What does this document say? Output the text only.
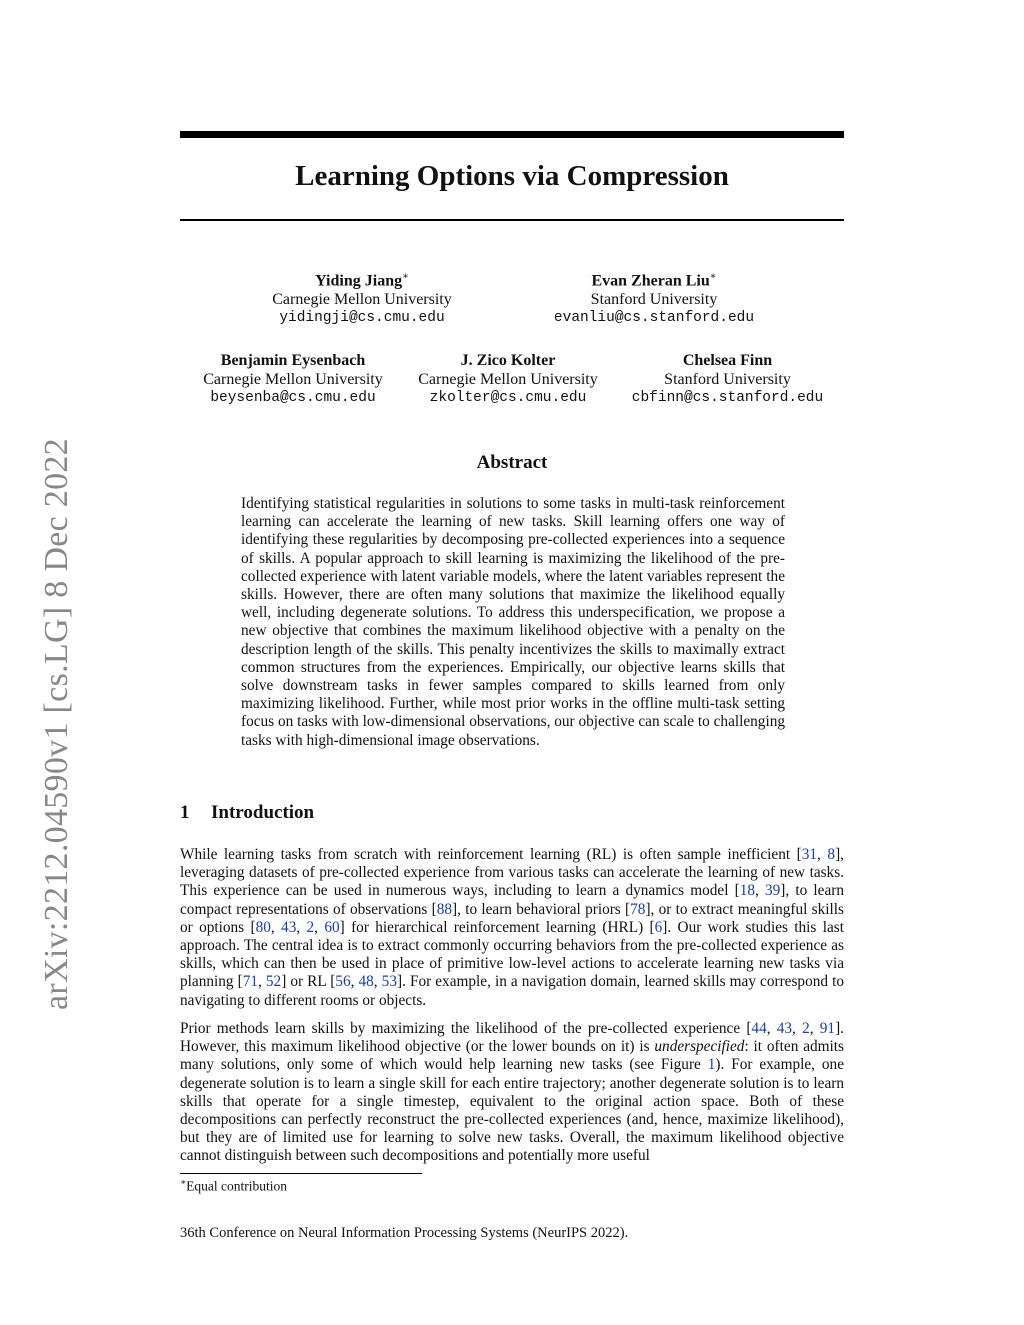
arXiv:2212.04590v1 [cs.LG] 8 Dec 2022
Learning Options via Compression
Yiding Jiang∗
Carnegie Mellon University
yidingji@cs.cmu.edu
Evan Zheran Liu∗
Stanford University
evanliu@cs.stanford.edu
Benjamin Eysenbach
Carnegie Mellon University
beysenba@cs.cmu.edu
J. Zico Kolter
Carnegie Mellon University
zkolter@cs.cmu.edu
Chelsea Finn
Stanford University
cbfinn@cs.stanford.edu
Abstract
Identifying statistical regularities in solutions to some tasks in multi-task reinforcement learning can accelerate the learning of new tasks. Skill learning offers one way of identifying these regularities by decomposing pre-collected experiences into a sequence of skills. A popular approach to skill learning is maximizing the likelihood of the pre-collected experience with latent variable models, where the latent variables represent the skills. However, there are often many solutions that maximize the likelihood equally well, including degenerate solutions. To address this underspecification, we propose a new objective that combines the maximum likelihood objective with a penalty on the description length of the skills. This penalty incentivizes the skills to maximally extract common structures from the experiences. Empirically, our objective learns skills that solve downstream tasks in fewer samples compared to skills learned from only maximizing likelihood. Further, while most prior works in the offline multi-task setting focus on tasks with low-dimensional observations, our objective can scale to challenging tasks with high-dimensional image observations.
1 Introduction
While learning tasks from scratch with reinforcement learning (RL) is often sample inefficient [31, 8], leveraging datasets of pre-collected experience from various tasks can accelerate the learning of new tasks. This experience can be used in numerous ways, including to learn a dynamics model [18, 39], to learn compact representations of observations [88], to learn behavioral priors [78], or to extract meaningful skills or options [80, 43, 2, 60] for hierarchical reinforcement learning (HRL) [6]. Our work studies this last approach. The central idea is to extract commonly occurring behaviors from the pre-collected experience as skills, which can then be used in place of primitive low-level actions to accelerate learning new tasks via planning [71, 52] or RL [56, 48, 53]. For example, in a navigation domain, learned skills may correspond to navigating to different rooms or objects.
Prior methods learn skills by maximizing the likelihood of the pre-collected experience [44, 43, 2, 91]. However, this maximum likelihood objective (or the lower bounds on it) is underspecified: it often admits many solutions, only some of which would help learning new tasks (see Figure 1). For example, one degenerate solution is to learn a single skill for each entire trajectory; another degenerate solution is to learn skills that operate for a single timestep, equivalent to the original action space. Both of these decompositions can perfectly reconstruct the pre-collected experiences (and, hence, maximize likelihood), but they are of limited use for learning to solve new tasks. Overall, the maximum likelihood objective cannot distinguish between such decompositions and potentially more useful
∗Equal contribution
36th Conference on Neural Information Processing Systems (NeurIPS 2022).
